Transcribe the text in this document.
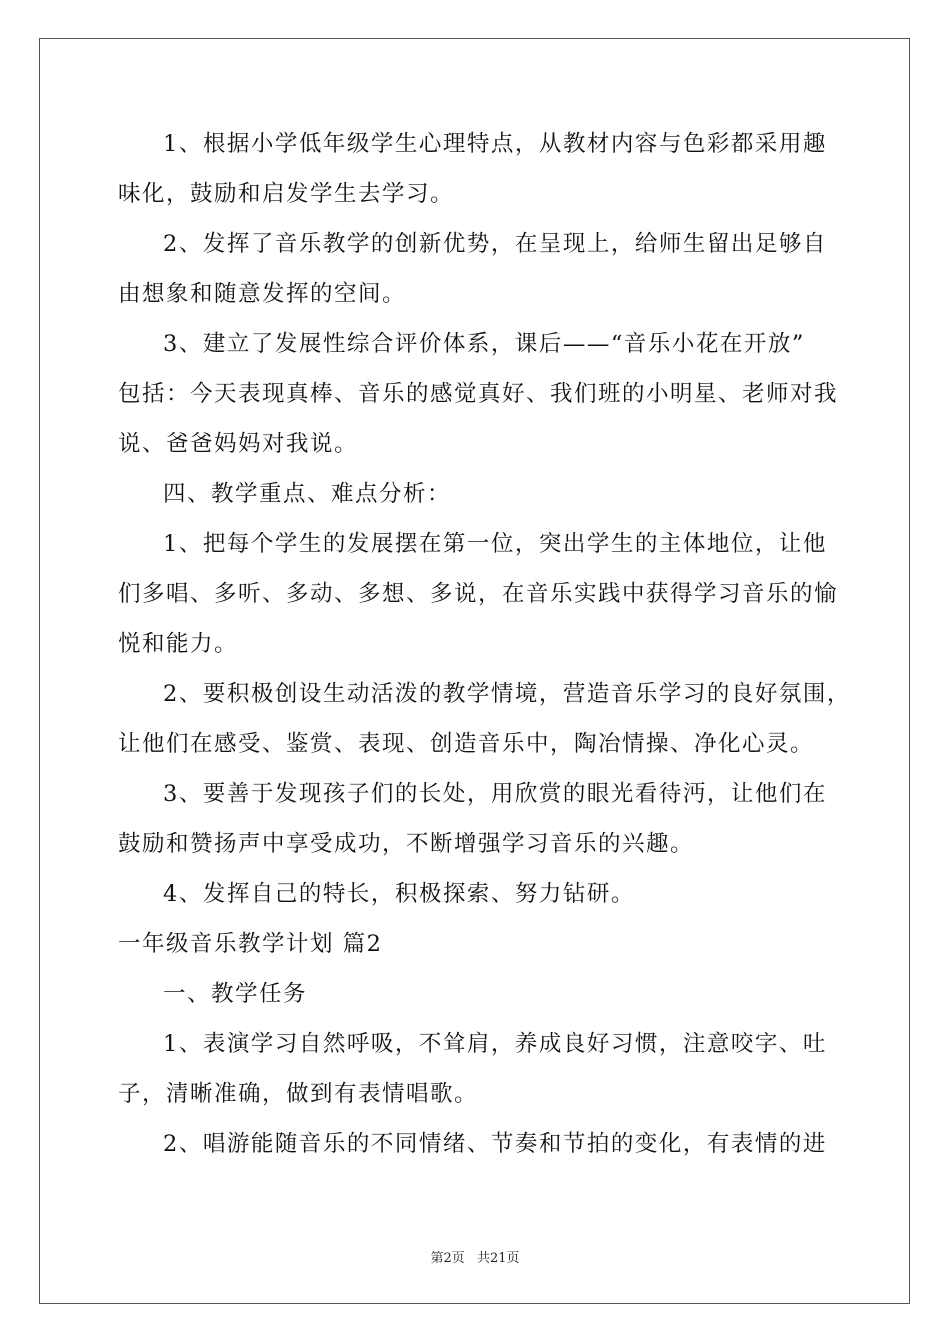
1、根据小学低年级学生心理特点，从教材内容与色彩都采用趣
味化，鼓励和启发学生去学习。
2、发挥了音乐教学的创新优势，在呈现上，给师生留出足够自
由想象和随意发挥的空间。
3、建立了发展性综合评价体系，课后——“音乐小花在开放”
包括：今天表现真棒、音乐的感觉真好、我们班的小明星、老师对我
说、爸爸妈妈对我说。
四、教学重点、难点分析：
1、把每个学生的发展摆在第一位，突出学生的主体地位，让他
们多唱、多听、多动、多想、多说，在音乐实践中获得学习音乐的愉
悦和能力。
2、要积极创设生动活泼的教学情境，营造音乐学习的良好氛围，
让他们在感受、鉴赏、表现、创造音乐中，陶冶情操、净化心灵。
3、要善于发现孩子们的长处，用欣赏的眼光看待沔，让他们在
鼓励和赞扬声中享受成功，不断增强学习音乐的兴趣。
4、发挥自己的特长，积极探索、努力钻研。
一年级音乐教学计划 篇2
一、教学任务
1、表演学习自然呼吸，不耸肩，养成良好习惯，注意咬字、吐
子，清晰准确，做到有表情唱歌。
2、唱游能随音乐的不同情绪、节奏和节拍的变化，有表情的进
第2页 共21页
